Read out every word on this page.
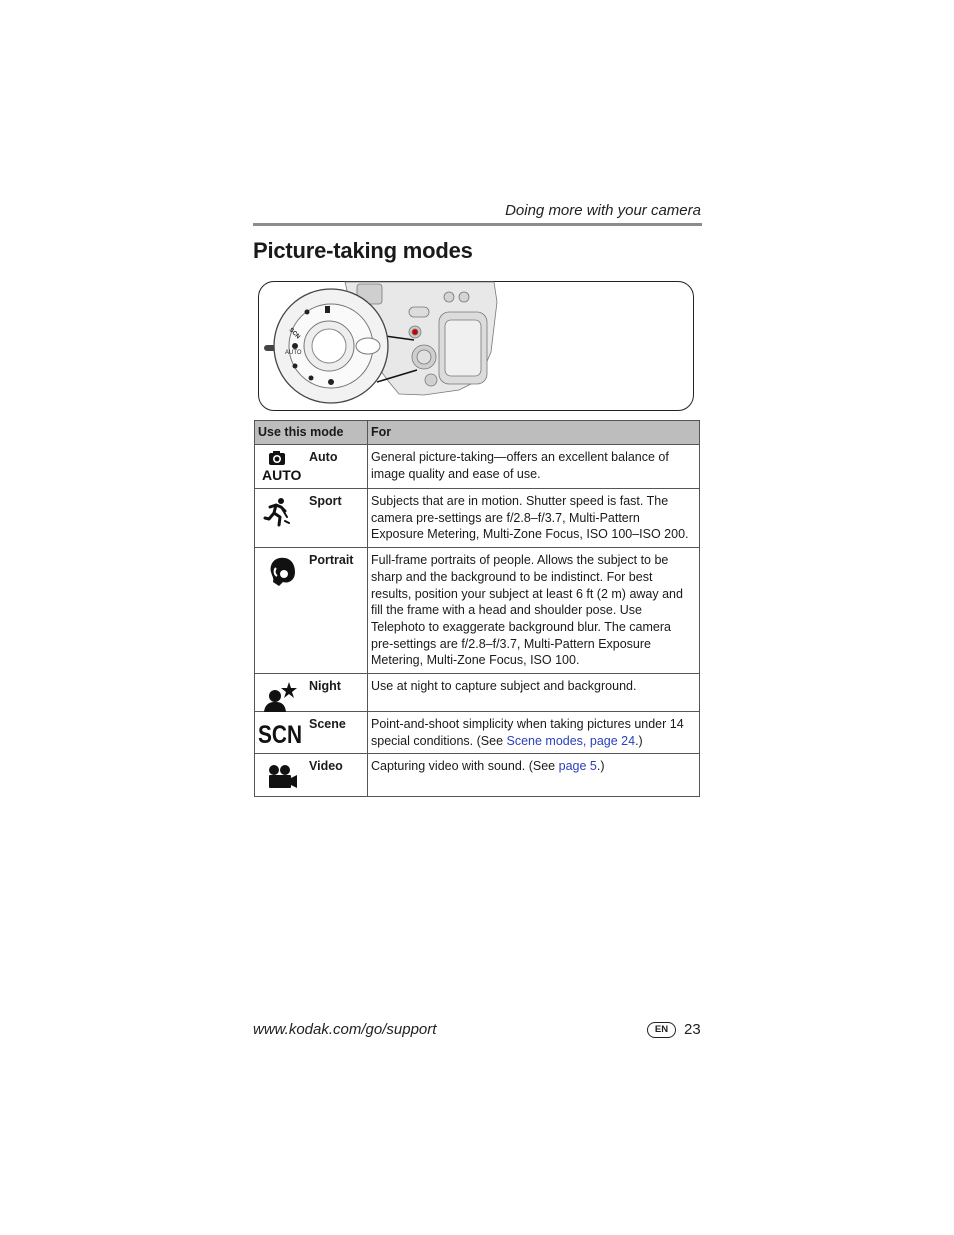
Doing more with your camera
Picture-taking modes
AUTO
SCN
Use this mode	For

AUTO
Auto	General picture-taking—offers an excellent balance of image quality and ease of use.

Sport	Subjects that are in motion. Shutter speed is fast. The camera pre-settings are f/2.8–f/3.7, Multi-Pattern Exposure Metering, Multi-Zone Focus, ISO 100–ISO 200.

Portrait	Full-frame portraits of people. Allows the subject to be sharp and the background to be indistinct. For best results, position your subject at least 6 ft (2 m) away and fill the frame with a head and shoulder pose. Use Telephoto to exaggerate background blur. The camera pre-settings are f/2.8–f/3.7, Multi-Pattern Exposure Metering, Multi-Zone Focus, ISO 100.

Night	Use at night to capture subject and background.

SCN Scene	Point-and-shoot simplicity when taking pictures under 14 special conditions. (See Scene modes, page 24.)

Video	Capturing video with sound. (See page 5.)
www.kodak.com/go/support	EN	23
